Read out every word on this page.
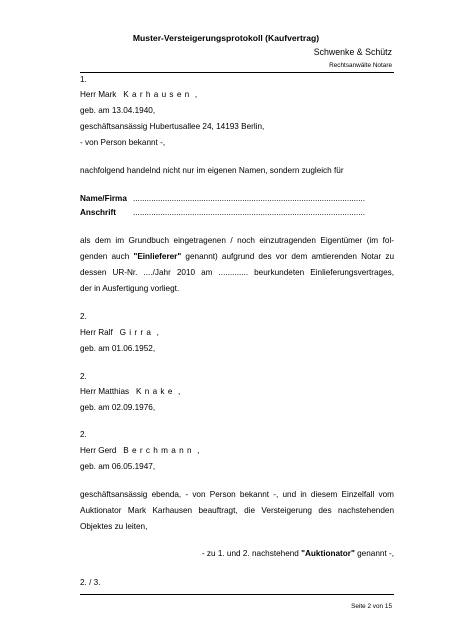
Muster-Versteigerungsprotokoll (Kaufvertrag)
Schwenke & Schütz
Rechtsanwälte Notare
1.
Herr Mark Karhausen ,
geb. am 13.04.1940,
geschäftsansässig Hubertusallee 24, 14193 Berlin,
- von Person bekannt -,
nachfolgend handelnd nicht nur im eigenen Namen, sondern zugleich für
Name/Firma ......................................................................................................
Anschrift ......................................................................................................
als dem im Grundbuch eingetragenen / noch einzutragenden Eigentümer (im fol-
genden auch "Einlieferer" genannt) aufgrund des vor dem amtierenden Notar zu
dessen UR-Nr. ..../Jahr 2010 am ............. beurkundeten Einlieferungsvertrages,
der in Ausfertigung vorliegt.
2.
Herr Ralf Girra ,
geb. am 01.06.1952,
2.
Herr Matthias Knake ,
geb. am 02.09.1976,
2.
Herr Gerd Berchmann ,
geb. am 06.05.1947,
geschäftsansässig ebenda, - von Person bekannt -, und in diesem Einzelfall vom
Auktionator Mark Karhausen beauftragt, die Versteigerung des nachstehenden
Objektes zu leiten,
- zu 1. und 2. nachstehend "Auktionator" genannt -,
2. / 3.
Seite 2 von 15
